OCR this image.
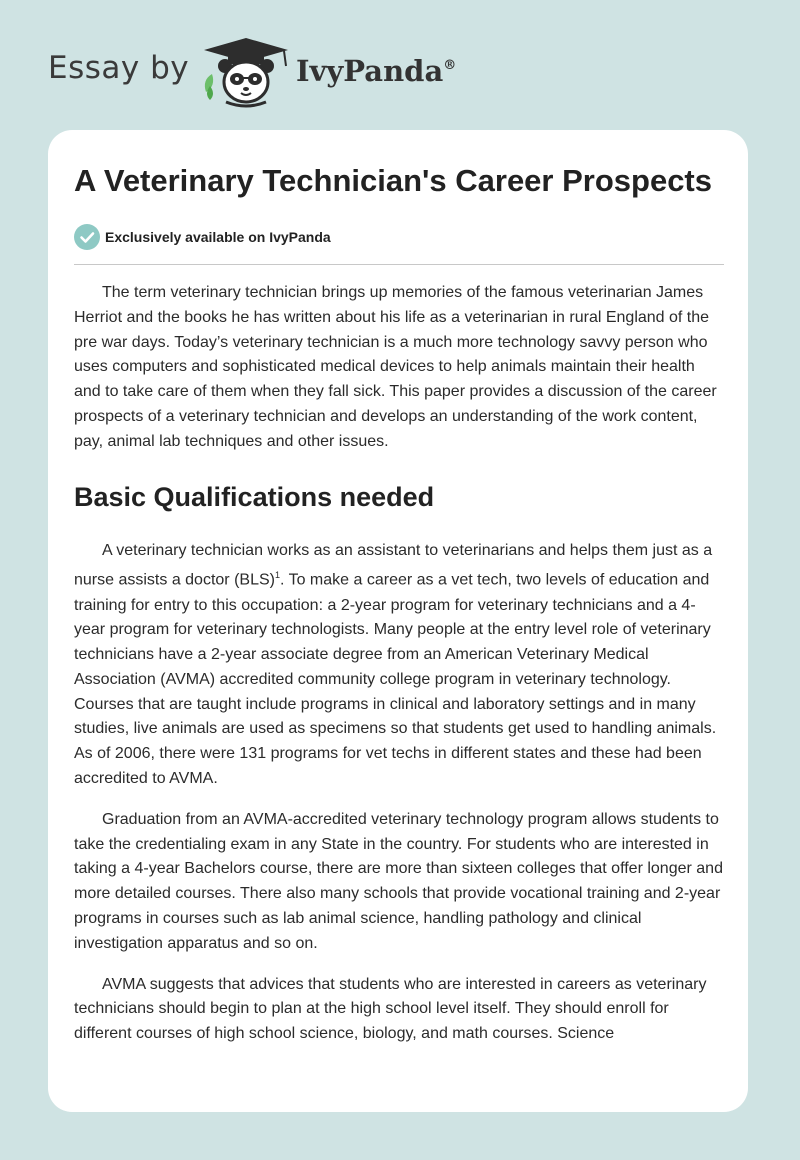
Essay by	IvyPanda®
A Veterinary Technician's Career Prospects
Exclusively available on IvyPanda

The term veterinary technician brings up memories of the famous veterinarian James Herriot and the books he has written about his life as a veterinarian in rural England of the pre war days. Today’s veterinary technician is a much more technology savvy person who uses computers and sophisticated medical devices to help animals maintain their health and to take care of them when they fall sick. This paper provides a discussion of the career prospects of a veterinary technician and develops an understanding of the work content, pay, animal lab techniques and other issues.

Basic Qualifications needed

A veterinary technician works as an assistant to veterinarians and helps them just as a nurse assists a doctor (BLS)$^1$. To make a career as a vet tech, two levels of education and training for entry to this occupation: a 2-year program for veterinary technicians and a 4-year program for veterinary technologists. Many people at the entry level role of veterinary technicians have a 2-year associate degree from an American Veterinary Medical Association (AVMA) accredited community college program in veterinary technology. Courses that are taught include programs in clinical and laboratory settings and in many studies, live animals are used as specimens so that students get used to handling animals. As of 2006, there were 131 programs for vet techs in different states and these had been accredited to AVMA.

Graduation from an AVMA-accredited veterinary technology program allows students to take the credentialing exam in any State in the country. For students who are interested in taking a 4-year Bachelors course, there are more than sixteen colleges that offer longer and more detailed courses. There also many schools that provide vocational training and 2-year programs in courses such as lab animal science, handling pathology and clinical investigation apparatus and so on.

AVMA suggests that advices that students who are interested in careers as veterinary technicians should begin to plan at the high school level itself. They should enroll for different courses of high school science, biology, and math courses. Science
